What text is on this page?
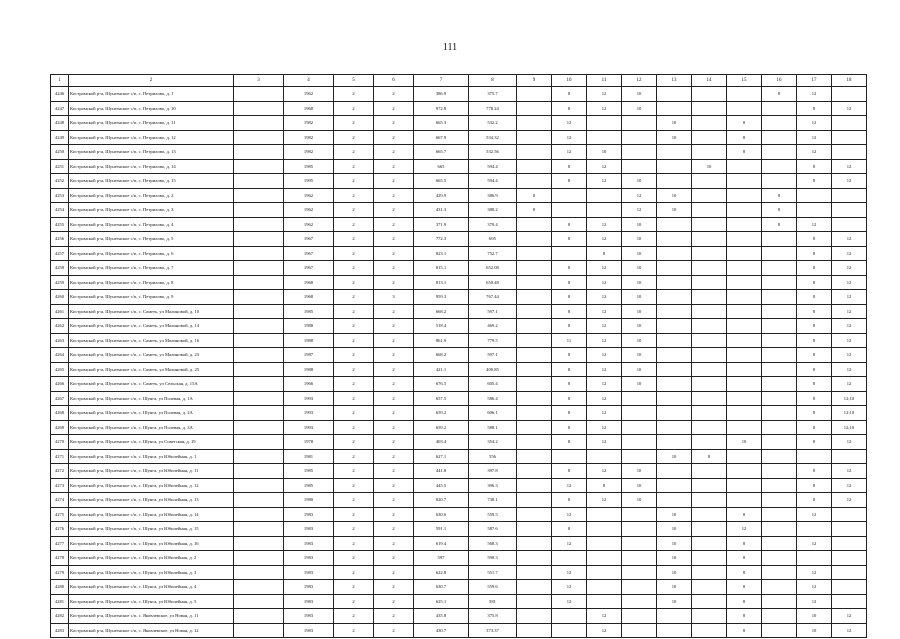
111
1	2	3	4	5	6	7	8	9	10	11	12	13	14	15	16	17	18
4246	Костромской р-н, Шунгенское с/п, с. Петрилово, д. 1		1962	2	2	386.9	375.7		8	12	10				8	12	
4247	Костромской р-н, Шунгенское с/п, с. Петрилово, д. 10		1968	2	2	972.8	778.24		8	12	10					8	12
4248	Костромской р-н, Шунгенское с/п, с. Петрилово, д. 11		1982	2	2	665.3	532.2		12			10		8		12	
4249	Костромской р-н, Шунгенское с/п, с. Петрилово, д. 12		1982	2	2	667.9	534.32		12			10		8		12	
4250	Костромской р-н, Шунгенское с/п, с. Петрилово, д. 13		1982	2	2	665.7	532.56		12	10				8		12	
4251	Костромской р-н, Шунгенское с/п, с. Петрилово, д. 14		1985	2	2	665	594.4		8	12			10			8	12
4252	Костромской р-н, Шунгенское с/п, с. Петрилово, д. 15		1995	2	2	665.5	594.4		8	12	10					8	12
4253	Костромской р-н, Шунгенское с/п, с. Петрилово, д. 2		1962	2	2	429.9	386.9	8			12	10			8		
4254	Костромской р-н, Шунгенское с/п, с. Петрилово, д. 3		1962	2	2	431.3	388.2	8			12	10			8		
4255	Костромской р-н, Шунгенское с/п, с. Петрилово, д. 4		1962	2	2	371.9	370.4		8	12	10				8	12	
4256	Костромской р-н, Шунгенское с/п, с. Петрилово, д. 5		1967	2	2	772.3	695		8	12	10					8	12
4257	Костромской р-н, Шунгенское с/п, с. Петрилово, д. 6		1967	2	2	823.1	752.7			8	10					8	12
4258	Костромской р-н, Шунгенское с/п, с. Петрилово, д. 7		1967	2	2	815.1	652.08		8	12	10					8	12
4259	Костромской р-н, Шунгенское с/п, с. Петрилово, д. 8		1968	2	2	813.1	650.48		8	12	10					8	12
4260	Костромской р-н, Шунгенское с/п, с. Петрилово, д. 9		1968	2	3	959.3	767.44		8	12	10					8	12
4261	Костромской р-н, Шунгенское с/п, с. Саметь, ул Малиновой, д. 10		1985	2	2	668.2	597.1		8	12	10					8	12
4262	Костромской р-н, Шунгенское с/п, с. Саметь, ул Малиновой, д. 14		1988	2	2	518.4	469.2		8	12	10					8	12
4263	Костромской р-н, Шунгенское с/п, с. Саметь, ул Малиновой, д. 16		1988	2	2	861.9	779.5		11	12	10					8	12
4264	Костромской р-н, Шунгенское с/п, с. Саметь, ул Малиновой, д. 23		1987	2	2	668.2	597.1		8	12	10					8	12
4265	Костромской р-н, Шунгенское с/п, с. Саметь, ул Малиновой, д. 25		1988	2	2	421.1	400.85		8	12	10					8	12
4266	Костромской р-н, Шунгенское с/п, с. Саметь, ул Сельская, д. 15А		1966	2	2	676.5	605.4		8	12	10					8	12
4267	Костромской р-н, Шунгенское с/п, с. Шунга, ул Полевая, д. 1А		1993	2	2	657.5	586.4		8	12						8	12;10
4268	Костромской р-н, Шунгенское с/п, с. Шунга, ул Полевая, д. 2А		1993	2	2	659.2	606.1		8	12						8	12;10
4269	Костромской р-н, Шунгенское с/п, с. Шунга, ул Полевая, д. 3А		1993	2	2	659.2	588.1		8	12						8	12;10
4270	Костромской р-н, Шунгенское с/п, с. Шунга, ул Советская, д. 19		1978	2	2	403.4	354.2		8	12				10		8	12
4271	Костромской р-н, Шунгенское с/п, с. Шунга, ул Юбилейная, д. 1		1981	2	2	627.1	556					10	8				
4272	Костромской р-н, Шунгенское с/п, с. Шунга, ул Юбилейная, д. 11		1985	2	2	441.8	397.8		8	12	10					8	12
4273	Костромской р-н, Шунгенское с/п, с. Шунга, ул Юбилейная, д. 12		1985	2	2	445.5	396.3		12	8	10					8	12
4274	Костромской р-н, Шунгенское с/п, с. Шунга, ул Юбилейная, д. 13		1980	2	2	820.7	738.1		8	12	10					8	12
4275	Костромской р-н, Шунгенское с/п, с. Шунга, ул Юбилейная, д. 14		1983	2	2	630.6	559.5		12			10		8		12	
4276	Костромской р-н, Шунгенское с/п, с. Шунга, ул Юбилейная, д. 15		1983	2	2	591.1	587.6		8			10		12			
4277	Костромской р-н, Шунгенское с/п, с. Шунга, ул Юбилейная, д. 16		1983	2	2	619.4	568.3		12			10		8		12	
4278	Костромской р-н, Шунгенское с/п, с. Шунга, ул Юбилейная, д. 2		1983	2	2	597	590.3					10		8			
4279	Костромской р-н, Шунгенское с/п, с. Шунга, ул Юбилейная, д. 3		1983	2	2	622.8	551.7		12			10		8		12	
4280	Костромской р-н, Шунгенское с/п, с. Шунга, ул Юбилейная, д. 4		1983	2	2	630.7	559.6		12			10		8		12	
4281	Костромской р-н, Шунгенское с/п, с. Шунга, ул Юбилейная, д. 5		1983	2	2	625.1	581		12			10		8		12	
4282	Костромской р-н, Шунгенское с/п, с. Яковлевское, ул Новая, д. 11		1983	2	2	435.8	375.8			12				8		10	12
4283	Костромской р-н, Шунгенское с/п, с. Яковлевское, ул Новая, д. 12		1983	2	2	430.7	373.37			12				8		10	12
